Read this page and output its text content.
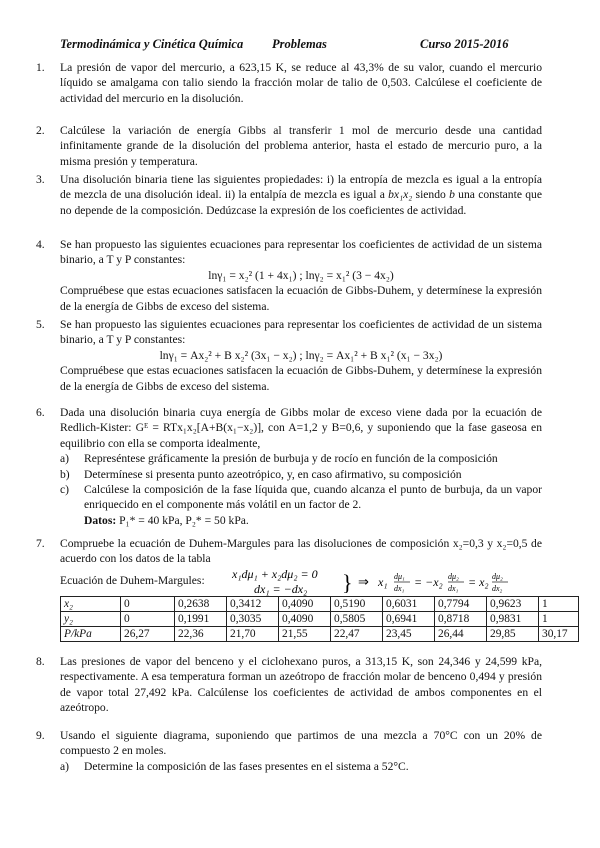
Termodinámica y Cinética Química Problemas	Curso 2015-2016
1. La presión de vapor del mercurio, a 623,15 K, se reduce al 43,3% de su valor, cuando el mercurio líquido se amalgama con talio siendo la fracción molar de talio de 0,503. Calcúlese el coeficiente de actividad del mercurio en la disolución.

2. Calcúlese la variación de energía Gibbs al transferir 1 mol de mercurio desde una cantidad infinitamente grande de la disolución del problema anterior, hasta el estado de mercurio puro, a la misma presión y temperatura.

3. Una disolución binaria tiene las siguientes propiedades: i) la entropía de mezcla es igual a la entropía de mezcla de una disolución ideal. ii) la entalpía de mezcla es igual a bx₁x₂ siendo b una constante que no depende de la composición. Dedúzcase la expresión de los coeficientes de actividad.

4. Se han propuesto las siguientes ecuaciones para representar los coeficientes de actividad de un sistema binario, a T y P constantes:

lnγ₁ = x₂² (1 + 4x₁) ; lnγ₂ = x₁² (3 − 4x₂)

Compruébese que estas ecuaciones satisfacen la ecuación de Gibbs-Duhem, y determínese la expresión de la energía de Gibbs de exceso del sistema.

5. Se han propuesto las siguientes ecuaciones para representar los coeficientes de actividad de un sistema binario, a T y P constantes:

lnγ₁ = Ax₂² + B x₂² (3x₁ − x₂) ; lnγ₂ = Ax₁² + B x₁² (x₁ − 3x₂)

Compruébese que estas ecuaciones satisfacen la ecuación de Gibbs-Duhem, y determínese la expresión de la energía de Gibbs de exceso del sistema.

6. Dada una disolución binaria cuya energía de Gibbs molar de exceso viene dada por la ecuación de Redlich-Kister: Gᴱ = RTx₁x₂[A+B(x₁−x₂)], con A=1,2 y B=0,6, y suponiendo que la fase gaseosa en equilibrio con ella se comporta idealmente,

a) Represéntese gráficamente la presión de burbuja y de rocío en función de la composición

b) Determínese si presenta punto azeotrópico, y, en caso afirmativo, su composición

c) Calcúlese la composición de la fase líquida que, cuando alcanza el punto de burbuja, da un vapor enriquecido en el componente más volátil en un factor de 2.

Datos: P₁* = 40 kPa, P₂* = 50 kPa.

7. Compruebe la ecuación de Duhem-Margules para las disoluciones de composición x₂=0,3 y x₂=0,5 de acuerdo con los datos de la tabla

Ecuación de Duhem-Margules: x₁dμ₁ + x₂dμ₂ = 0
dx₁ = −dx₂ } ⇒ x₁ dμ₁
dx₁ = −x₂ dμ₂
dx₁ = x₂ dμ₂
dx₂
x₂	0	0,2638	0,3412	0,4090	0,5190	0,6031	0,7794	0,9623	1
y₂	0	0,1991	0,3035	0,4090	0,5805	0,6941	0,8718	0,9831	1
P/kPa	26,27	22,36	21,70	21,55	22,47	23,45	26,44	29,85	30,17
8. Las presiones de vapor del benceno y el ciclohexano puros, a 313,15 K, son 24,346 y 24,599 kPa, respectivamente. A esa temperatura forman un azeótropo de fracción molar de benceno 0,494 y presión de vapor total 27,492 kPa. Calcúlense los coeficientes de actividad de ambos componentes en el azeótropo.

9. Usando el siguiente diagrama, suponiendo que partimos de una mezcla a 70°C con un 20% de compuesto 2 en moles.

a) Determine la composición de las fases presentes en el sistema a 52°C.
